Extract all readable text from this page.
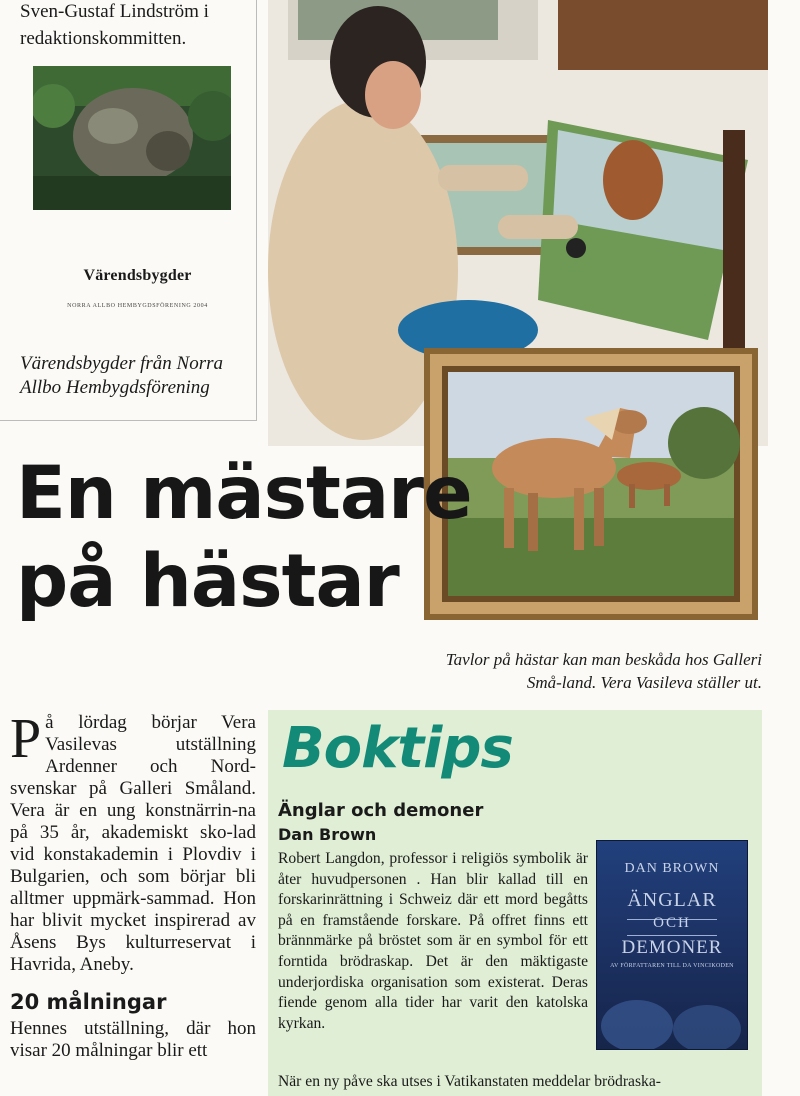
Sven-Gustaf Lindström i
redaktionskommitten.

Värendsbygder
NORRA ALLBO HEMBYGDSFÖRENING 2004
Värendsbygder från Norra Allbo Hembygdsförening
En mästare
på hästar
Tavlor på hästar kan man beskåda hos Galleri Små-land. Vera Vasileva ställer ut.

P å lördag börjar Vera Vasilevas utställning Ardenner och Nord-svenskar på Galleri Småland. Vera är en ung konstnärrin-na på 35 år, akademiskt sko-lad vid konstakademin i Plovdiv i Bulgarien, och som börjar bli alltmer uppmärk-sammad. Hon har blivit mycket inspirerad av Åsens Bys kulturreservat i Havrida, Aneby.

20 målningar

Hennes utställning, där hon visar 20 målningar blir ett

Boktips
Änglar och demoner
Dan Brown
Robert Langdon, professor i religiös symbolik är åter huvudpersonen . Han blir kallad till en forskarinrättning i Schweiz där ett mord begåtts på en framstående forskare. På offret finns ett brännmärke på bröstet som är en symbol för ett forntida brödraskap. Det är den mäktigaste underjordiska organisation som existerat. Deras fiende genom alla tider har varit den katolska kyrkan.
När en ny påve ska utses i Vatikanstaten meddelar brödraska-
DAN BROWN
ÄNGLAR
OCH
DEMONER
AV FÖRFATTAREN TILL DA VINCIKODEN
